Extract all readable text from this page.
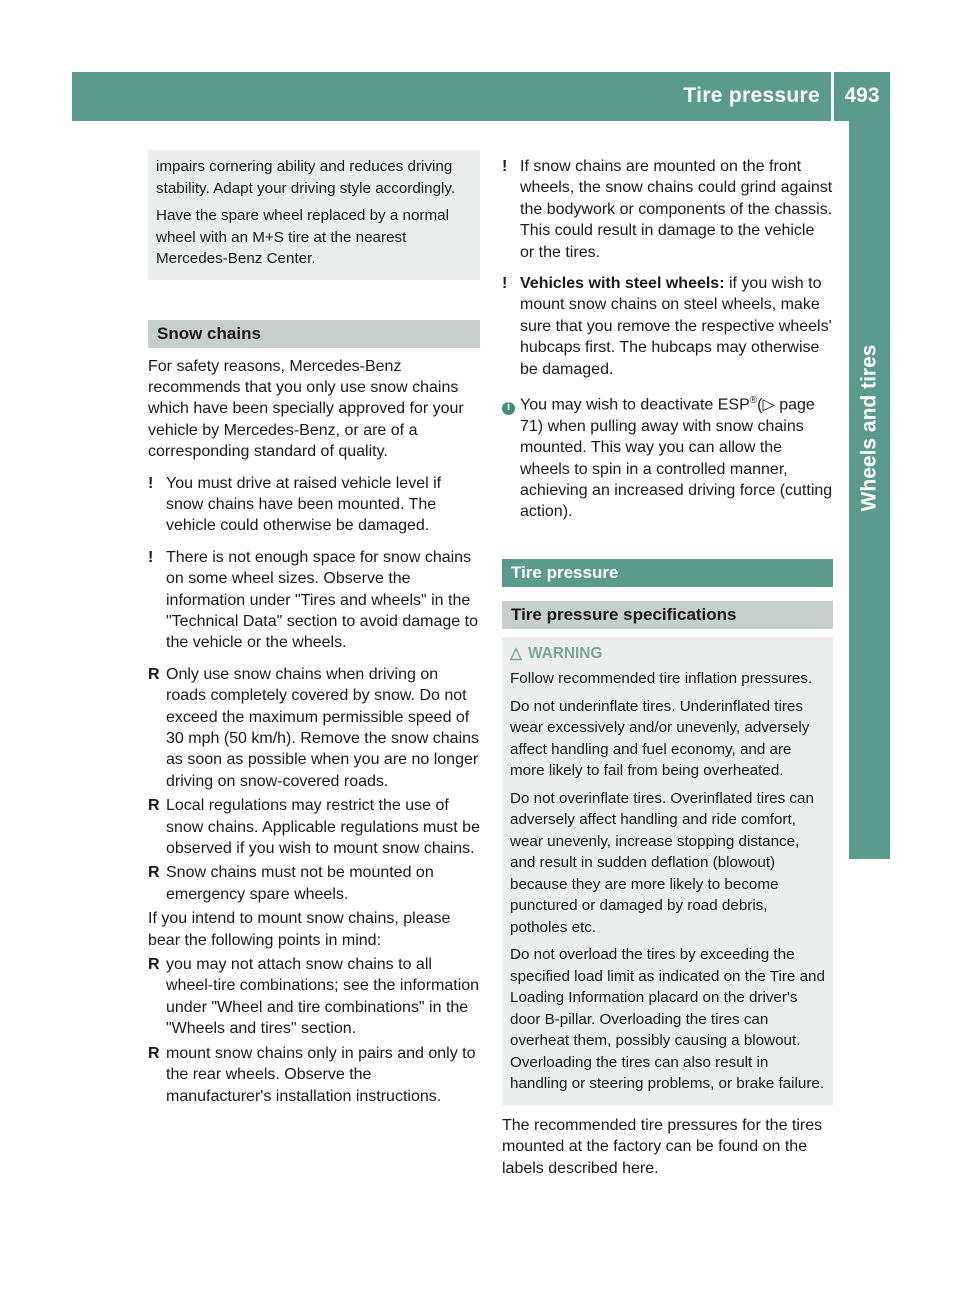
Tire pressure	493
Wheels and tires

impairs cornering ability and reduces driving stability. Adapt your driving style accordingly.

Have the spare wheel replaced by a normal wheel with an M+S tire at the nearest Mercedes-Benz Center.

Snow chains

For safety reasons, Mercedes-Benz recommends that you only use snow chains which have been specially approved for your vehicle by Mercedes-Benz, or are of a corresponding standard of quality.

! You must drive at raised vehicle level if snow chains have been mounted. The vehicle could otherwise be damaged.

! There is not enough space for snow chains on some wheel sizes. Observe the information under "Tires and wheels" in the "Technical Data" section to avoid damage to the vehicle or the wheels.

R Only use snow chains when driving on roads completely covered by snow. Do not exceed the maximum permissible speed of 30 mph (50 km/h). Remove the snow chains as soon as possible when you are no longer driving on snow-covered roads.

R Local regulations may restrict the use of snow chains. Applicable regulations must be observed if you wish to mount snow chains.

R Snow chains must not be mounted on emergency spare wheels.

If you intend to mount snow chains, please bear the following points in mind:

R you may not attach snow chains to all wheel-tire combinations; see the information under "Wheel and tire combinations" in the "Wheels and tires" section.

R mount snow chains only in pairs and only to the rear wheels. Observe the manufacturer's installation instructions.

! If snow chains are mounted on the front wheels, the snow chains could grind against the bodywork or components of the chassis. This could result in damage to the vehicle or the tires.

! Vehicles with steel wheels: if you wish to mount snow chains on steel wheels, make sure that you remove the respective wheels' hubcaps first. The hubcaps may otherwise be damaged.

i You may wish to deactivate ESP®(▷ page 71) when pulling away with snow chains mounted. This way you can allow the wheels to spin in a controlled manner, achieving an increased driving force (cutting action).

Tire pressure
Tire pressure specifications
△ WARNING

Follow recommended tire inflation pressures.

Do not underinflate tires. Underinflated tires wear excessively and/or unevenly, adversely affect handling and fuel economy, and are more likely to fail from being overheated.

Do not overinflate tires. Overinflated tires can adversely affect handling and ride comfort, wear unevenly, increase stopping distance, and result in sudden deflation (blowout) because they are more likely to become punctured or damaged by road debris, potholes etc.

Do not overload the tires by exceeding the specified load limit as indicated on the Tire and Loading Information placard on the driver's door B-pillar. Overloading the tires can overheat them, possibly causing a blowout. Overloading the tires can also result in handling or steering problems, or brake failure.

The recommended tire pressures for the tires mounted at the factory can be found on the labels described here.
